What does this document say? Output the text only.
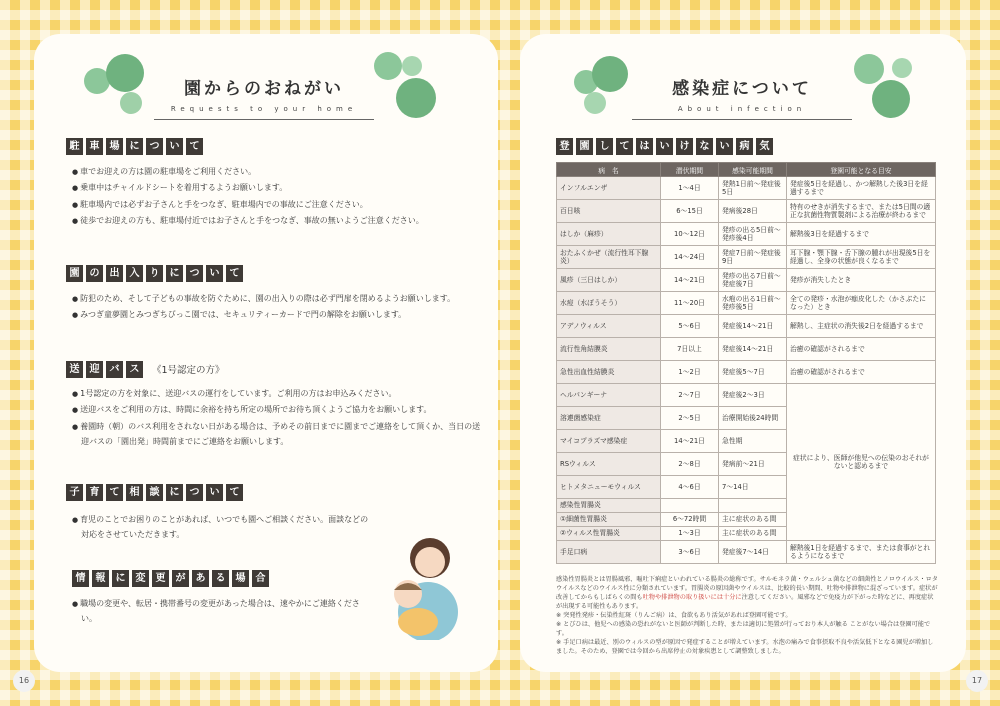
園からのおねがい
Requests to your home
駐	車	場	に	つ	い	て

● 車でお迎えの方は園の駐車場をご利用ください。

● 乗車中はチャイルドシートを着用するようお願いします。

● 駐車場内では必ずお子さんと手をつなぎ、駐車場内での事故にご注意ください。

● 徒歩でお迎えの方も、駐車場付近ではお子さんと手をつなぎ、事故の無いようご注意ください。

園	の	出	入	り	に	つ	い	て

● 防犯のため、そして子どもの事故を防ぐために、園の出入りの際は必ず門扉を閉めるようお願いします。

● みつぎ童夢園とみつぎちびっこ園では、セキュリティーカードで門の解除をお願いします。

送	迎	バ	ス	《1号認定の方》

● 1号認定の方を対象に、送迎バスの運行をしています。ご利用の方はお申込みください。

● 送迎バスをご利用の方は、時間に余裕を持ち所定の場所でお待ち頂くようご協力をお願いします。

● 養園時（朝）のバス利用をされない日がある場合は、予めその前日までに園までご連絡をして頂くか、当日の送迎バスの「園出発」時間前までにご連絡をお願いします。

子	育	て	相	談	に	つ	い	て

● 育児のことでお困りのことがあれば、いつでも園へご相談ください。面談などの対応をさせていただきます。

情	報	に	変	更	が	あ	る	場	合

● 職場の変更や、転居・携帯番号の変更があった場合は、速やかにご連絡ください。

16
感染症について
About infection
登	園	し	て	は	い	け	な	い	病	気
病　名	潜伏期間	感染可能期間	登園可能となる目安
インフルエンザ	1〜4日	発熱1日前〜発症後5日	発症後5日を経過し、かつ解熱した後3日を経過するまで
百日咳	6〜15日	発病後28日	特有のせきが消失するまで、または5日間の適正な抗菌性物質製剤による治療が終わるまで
はしか（麻疹）	10〜12日	発疹の出る5日前〜発疹後4日	解熱後3日を経過するまで
おたふくかぜ（流行性耳下腺炎）	14〜24日	発症7日前〜発症後9日	耳下腺・顎下腺・舌下腺の腫れが出現後5日を経過し、全身の状態が良くなるまで
風疹（三日はしか）	14〜21日	発疹の出る7日前〜発症後7日	発疹が消失したとき
水痘（水ぼうそう）	11〜20日	水疱の出る1日前〜発疹後5日	全ての発疹・水泡が痂皮化した（かさぶたになった）とき
アデノウィルス	5〜6日	発症後14〜21日	解熱し、主症状の消失後2日を経過するまで
流行性角結膜炎	7日以上	発症後14〜21日	治癒の確認がされるまで
急性出血性結膜炎	1〜2日	発症後5〜7日	治癒の確認がされるまで
ヘルパンギーナ	2〜7日	発症後2〜3日	症状により、医師が他児への伝染のおそれがないと認めるまで
溶連菌感染症	2〜5日	治療開始後24時間	
マイコプラズマ感染症	14〜21日	急性期	
RSウィルス	2〜8日	発病前〜21日	
ヒトメタニューモウィルス	4〜6日	7〜14日	
感染性胃腸炎			
①細菌性胃腸炎	6〜72時間	主に症状のある間	
②ウィルス性胃腸炎	1〜3日	主に症状のある間	
手足口病	3〜6日	発症後7〜14日	解熱後1日を経過するまで、または食事がとれるようになるまで

感染性胃腸炎とは胃腸風邪、嘔吐下痢症といわれている腸炎の総称です。サルモネラ菌・ウェルシュ菌などの細菌性とノロウイルス・ロタウイルスなどのウイルス性に分類されています。胃腸炎の原因菌やウイルスは、比較的長い期間、吐物や排泄物に混ざっています。症状が改善してからもしばらくの間も吐物や排泄物の取り扱いには十分に注意してください。風邪などで免疫力が下がった時などに、再度症状が出現する可能性もあります。

※ 突発性発疹・伝染性紅斑（りんご病）は、食欲もあり活気があれば登園可能です。

※ とびひは、他児への感染の恐れがないと医師が判断した時、または適切に処置が行っており本人が触る ことがない場合は登園可能です。

※ 手足口病は最近、別のウィルスの型が原因で発症することが増えています。水泡の痛みで食事摂取不良や活気低下となる園児が増加しました。そのため、登園では今回から出席停止の対象疾患として調整致しました。

17
